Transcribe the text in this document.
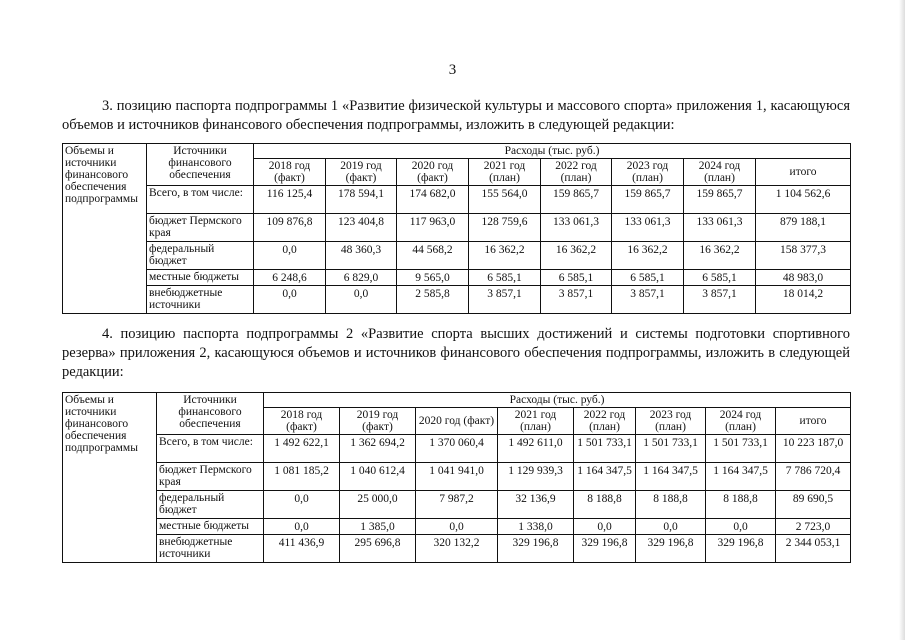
3
3. позицию паспорта подпрограммы 1 «Развитие физической культуры и массового спорта» приложения 1, касающуюся объемов и источников финансового обеспечения подпрограммы, изложить в следующей редакции:
Объемы и источники финансового обеспечения подпрограммы	Источники финансового обеспечения	Расходы (тыс. руб.)							
		2018 год (факт)	2019 год (факт)	2020 год (факт)	2021 год (план)	2022 год (план)	2023 год (план)	2024 год (план)	итого
	Всего, в том числе:	116 125,4	178 594,1	174 682,0	155 564,0	159 865,7	159 865,7	159 865,7	1 104 562,6
	бюджет Пермского края	109 876,8	123 404,8	117 963,0	128 759,6	133 061,3	133 061,3	133 061,3	879 188,1
	федеральный бюджет	0,0	48 360,3	44 568,2	16 362,2	16 362,2	16 362,2	16 362,2	158 377,3
	местные бюджеты	6 248,6	6 829,0	9 565,0	6 585,1	6 585,1	6 585,1	6 585,1	48 983,0
	внебюджетные источники	0,0	0,0	2 585,8	3 857,1	3 857,1	3 857,1	3 857,1	18 014,2
4. позицию паспорта подпрограммы 2 «Развитие спорта высших достижений и системы подготовки спортивного резерва» приложения 2, касающуюся объемов и источников финансового обеспечения подпрограммы, изложить в следующей редакции:
Объемы и источники финансового обеспечения подпрограммы	Источники финансового обеспечения	Расходы (тыс. руб.)							
		2018 год (факт)	2019 год (факт)	2020 год (факт)	2021 год (план)	2022 год (план)	2023 год (план)	2024 год (план)	итого
	Всего, в том числе:	1 492 622,1	1 362 694,2	1 370 060,4	1 492 611,0	1 501 733,1	1 501 733,1	1 501 733,1	10 223 187,0
	бюджет Пермского края	1 081 185,2	1 040 612,4	1 041 941,0	1 129 939,3	1 164 347,5	1 164 347,5	1 164 347,5	7 786 720,4
	федеральный бюджет	0,0	25 000,0	7 987,2	32 136,9	8 188,8	8 188,8	8 188,8	89 690,5
	местные бюджеты	0,0	1 385,0	0,0	1 338,0	0,0	0,0	0,0	2 723,0
	внебюджетные источники	411 436,9	295 696,8	320 132,2	329 196,8	329 196,8	329 196,8	329 196,8	2 344 053,1
